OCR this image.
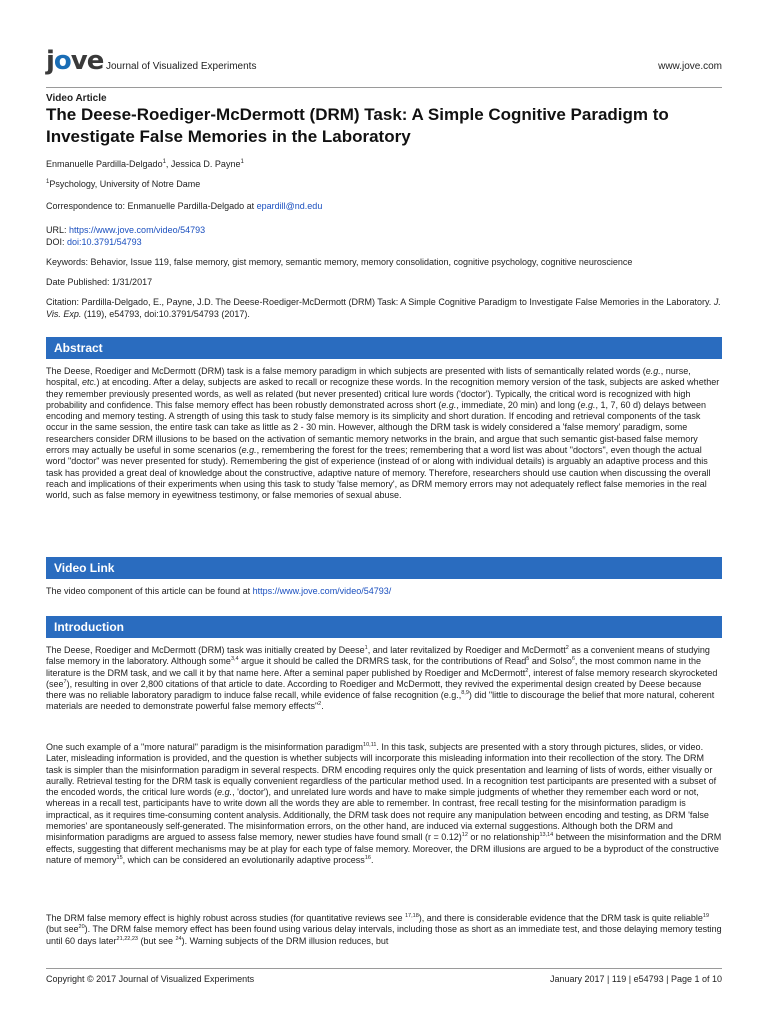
jove Journal of Visualized Experiments	www.jove.com
Video Article
The Deese-Roediger-McDermott (DRM) Task: A Simple Cognitive Paradigm to Investigate False Memories in the Laboratory
Enmanuelle Pardilla-Delgado$^1$, Jessica D. Payne$^1$
$^1$Psychology, University of Notre Dame
Correspondence to: Enmanuelle Pardilla-Delgado at epardill@nd.edu
URL: https://www.jove.com/video/54793
DOI: doi:10.3791/54793
Keywords: Behavior, Issue 119, false memory, gist memory, semantic memory, memory consolidation, cognitive psychology, cognitive neuroscience
Date Published: 1/31/2017
Citation: Pardilla-Delgado, E., Payne, J.D. The Deese-Roediger-McDermott (DRM) Task: A Simple Cognitive Paradigm to Investigate False Memories in the Laboratory. J. Vis. Exp. (119), e54793, doi:10.3791/54793 (2017).
Abstract
The Deese, Roediger and McDermott (DRM) task is a false memory paradigm in which subjects are presented with lists of semantically related words (e.g., nurse, hospital, etc.) at encoding. After a delay, subjects are asked to recall or recognize these words. In the recognition memory version of the task, subjects are asked whether they remember previously presented words, as well as related (but never presented) critical lure words ('doctor'). Typically, the critical word is recognized with high probability and confidence. This false memory effect has been robustly demonstrated across short (e.g., immediate, 20 min) and long (e.g., 1, 7, 60 d) delays between encoding and memory testing. A strength of using this task to study false memory is its simplicity and short duration. If encoding and retrieval components of the task occur in the same session, the entire task can take as little as 2 - 30 min. However, although the DRM task is widely considered a 'false memory' paradigm, some researchers consider DRM illusions to be based on the activation of semantic memory networks in the brain, and argue that such semantic gist-based false memory errors may actually be useful in some scenarios (e.g., remembering the forest for the trees; remembering that a word list was about "doctors", even though the actual word "doctor" was never presented for study). Remembering the gist of experience (instead of or along with individual details) is arguably an adaptive process and this task has provided a great deal of knowledge about the constructive, adaptive nature of memory. Therefore, researchers should use caution when discussing the overall reach and implications of their experiments when using this task to study 'false memory', as DRM memory errors may not adequately reflect false memories in the real world, such as false memory in eyewitness testimony, or false memories of sexual abuse.
Video Link
The video component of this article can be found at https://www.jove.com/video/54793/
Introduction
The Deese, Roediger and McDermott (DRM) task was initially created by Deese$^1$, and later revitalized by Roediger and McDermott$^2$ as a convenient means of studying false memory in the laboratory. Although some$^{3,4}$ argue it should be called the DRMRS task, for the contributions of Read$^5$ and Solso$^6$, the most common name in the literature is the DRM task, and we call it by that name here. After a seminal paper published by Roediger and McDermott$^2$, interest of false memory research skyrocketed (see$^7$), resulting in over 2,800 citations of that article to date. According to Roediger and McDermott, they revived the experimental design created by Deese because there was no reliable laboratory paradigm to induce false recall, while evidence of false recognition (e.g.,$^{8,9}$) did "little to discourage the belief that more natural, coherent materials are needed to demonstrate powerful false memory effects"$^2$.
One such example of a "more natural" paradigm is the misinformation paradigm$^{10,11}$. In this task, subjects are presented with a story through pictures, slides, or video. Later, misleading information is provided, and the question is whether subjects will incorporate this misleading information into their recollection of the story. The DRM task is simpler than the misinformation paradigm in several respects. DRM encoding requires only the quick presentation and learning of lists of words, either visually or aurally. Retrieval testing for the DRM task is equally convenient regardless of the particular method used. In a recognition test participants are presented with a subset of the encoded words, the critical lure words (e.g., 'doctor'), and unrelated lure words and have to make simple judgments of whether they remember each word or not, whereas in a recall test, participants have to write down all the words they are able to remember. In contrast, free recall testing for the misinformation paradigm is impractical, as it requires time-consuming content analysis. Additionally, the DRM task does not require any manipulation between encoding and testing, as DRM 'false memories' are spontaneously self-generated. The misinformation errors, on the other hand, are induced via external suggestions. Although both the DRM and misinformation paradigms are argued to assess false memory, newer studies have found small (r = 0.12)$^{12}$ or no relationship$^{13,14}$ between the misinformation and the DRM effects, suggesting that different mechanisms may be at play for each type of false memory. Moreover, the DRM illusions are argued to be a byproduct of the constructive nature of memory$^{15}$, which can be considered an evolutionarily adaptive process$^{16}$.
The DRM false memory effect is highly robust across studies (for quantitative reviews see $^{17,18}$), and there is considerable evidence that the DRM task is quite reliable$^{19}$ (but see$^{20}$). The DRM false memory effect has been found using various delay intervals, including those as short as an immediate test, and those delaying memory testing until 60 days later$^{21,22,23}$ (but see $^{24}$). Warning subjects of the DRM illusion reduces, but
Copyright © 2017 Journal of Visualized Experiments	January 2017 | 119 | e54793 | Page 1 of 10
